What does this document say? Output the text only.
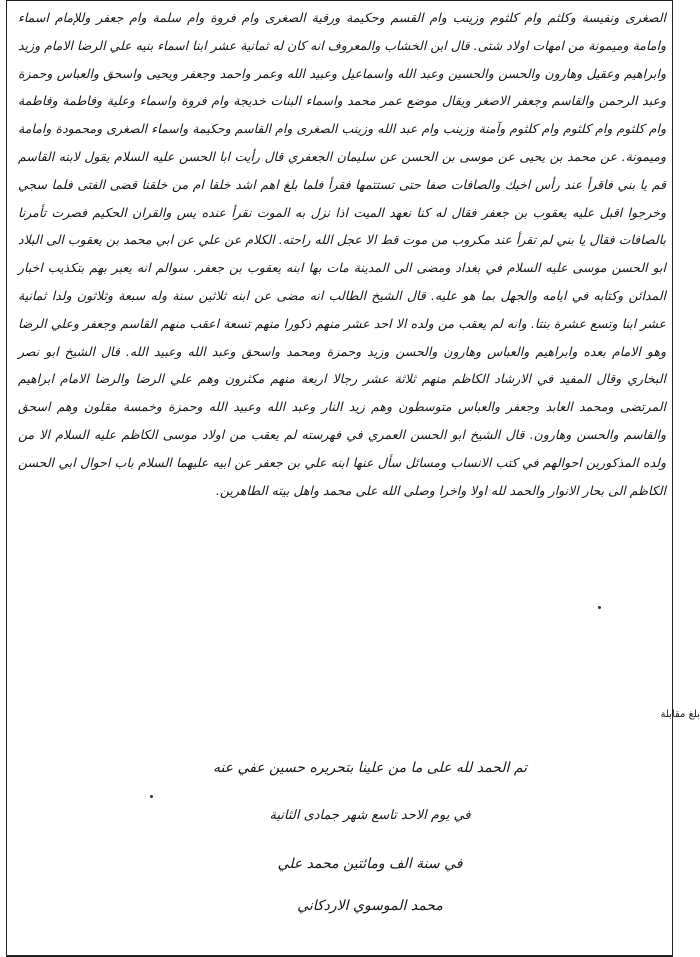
الصغرى ونفيسة وكلثم وام كلثوم وزينب وام القسم وحكيمة ورقية الصغرى وام فروة وام سلمة وام جعفر وللإمام اسماء وامامة وميمونة من امهات اولاد شتى. قال ابن الخشاب والمعروف انه كان له ثمانية عشر ابنا اسماء بنيه علي الرضا الامام وزيد وابراهيم وعقيل وهارون والحسن والحسين وعبد الله واسماعيل وعبيد الله وعمر واحمد وجعفر ويحيى واسحق والعباس وحمزة وعبد الرحمن والقاسم وجعفر الاصغر ويقال موضع عمر محمد واسماء البنات خديجة وام فروة واسماء وعلية وفاطمة وفاطمة وام كلثوم وام كلثوم وام كلثوم وآمنة وزينب وام عبد الله وزينب الصغرى وام القاسم وحكيمة واسماء الصغرى ومحمودة وامامة وميمونة. عن محمد بن يحيى عن موسى بن الحسن عن سليمان الجعفري قال رأيت ابا الحسن عليه السلام يقول لابنه القاسم قم يا بني فاقرأ عند رأس اخيك والصافات صفا حتى تستتمها فقرأ فلما بلغ اهم اشد خلقا ام من خلقنا قضى الفتى فلما سجي وخرجوا اقبل عليه يعقوب بن جعفر فقال له كنا نعهد الميت اذا نزل به الموت نقرأ عنده يس والقران الحكيم فصرت تأمرنا بالصافات فقال يا بني لم تقرأ عند مكروب من موت قط الا عجل الله راحته. الكلام عن علي عن ابي محمد بن يعقوب الى البلاد ابو الحسن موسى عليه السلام في بغداد ومضى الى المدينة مات بها ابنه يعقوب بن جعفر. سوالم انه يعبر بهم بتكذيب اخبار المدائن وكتابه في ايامه والجهل بما هو عليه. قال الشيخ الطالب انه مضى عن ابنه ثلاثين سنة وله سبعة وثلاثون ولدا ثمانية عشر ابنا وتسع عشرة بنتا. وانه لم يعقب من ولده الا احد عشر منهم ذكورا منهم تسعة اعقب منهم القاسم وجعفر وعلي الرضا وهو الامام بعده وابراهيم والعباس وهارون والحسن وزيد وحمزة ومحمد واسحق وعبد الله وعبيد الله. قال الشيخ ابو نصر البخاري وقال المفيد في الارشاد الكاظم منهم ثلاثة عشر رجالا اربعة منهم مكثرون وهم علي الرضا والرضا الامام ابراهيم المرتضى ومحمد العابد وجعفر والعباس متوسطون وهم زيد النار وعبد الله وعبيد الله وحمزة وخمسة مقلون وهم اسحق والقاسم والحسن وهارون. قال الشيخ ابو الحسن العمري في فهرسته لم يعقب من اولاد موسى الكاظم عليه السلام الا من ولده المذكورين احوالهم في كتب الانساب ومسائل سأل عنها ابنه علي بن جعفر عن ابيه عليهما السلام باب احوال ابي الحسن الكاظم الى بحار الانوار والحمد لله اولا واخرا وصلى الله على محمد واهل بيته الطاهرين.
تم الحمد لله على ما من علينا بتحريره حسين عفي عنه
في يوم الاحد تاسع شهر جمادى الثانية
في سنة الف ومائتين محمد علي
محمد الموسوي الاردكاني
بلغ مقابلة
